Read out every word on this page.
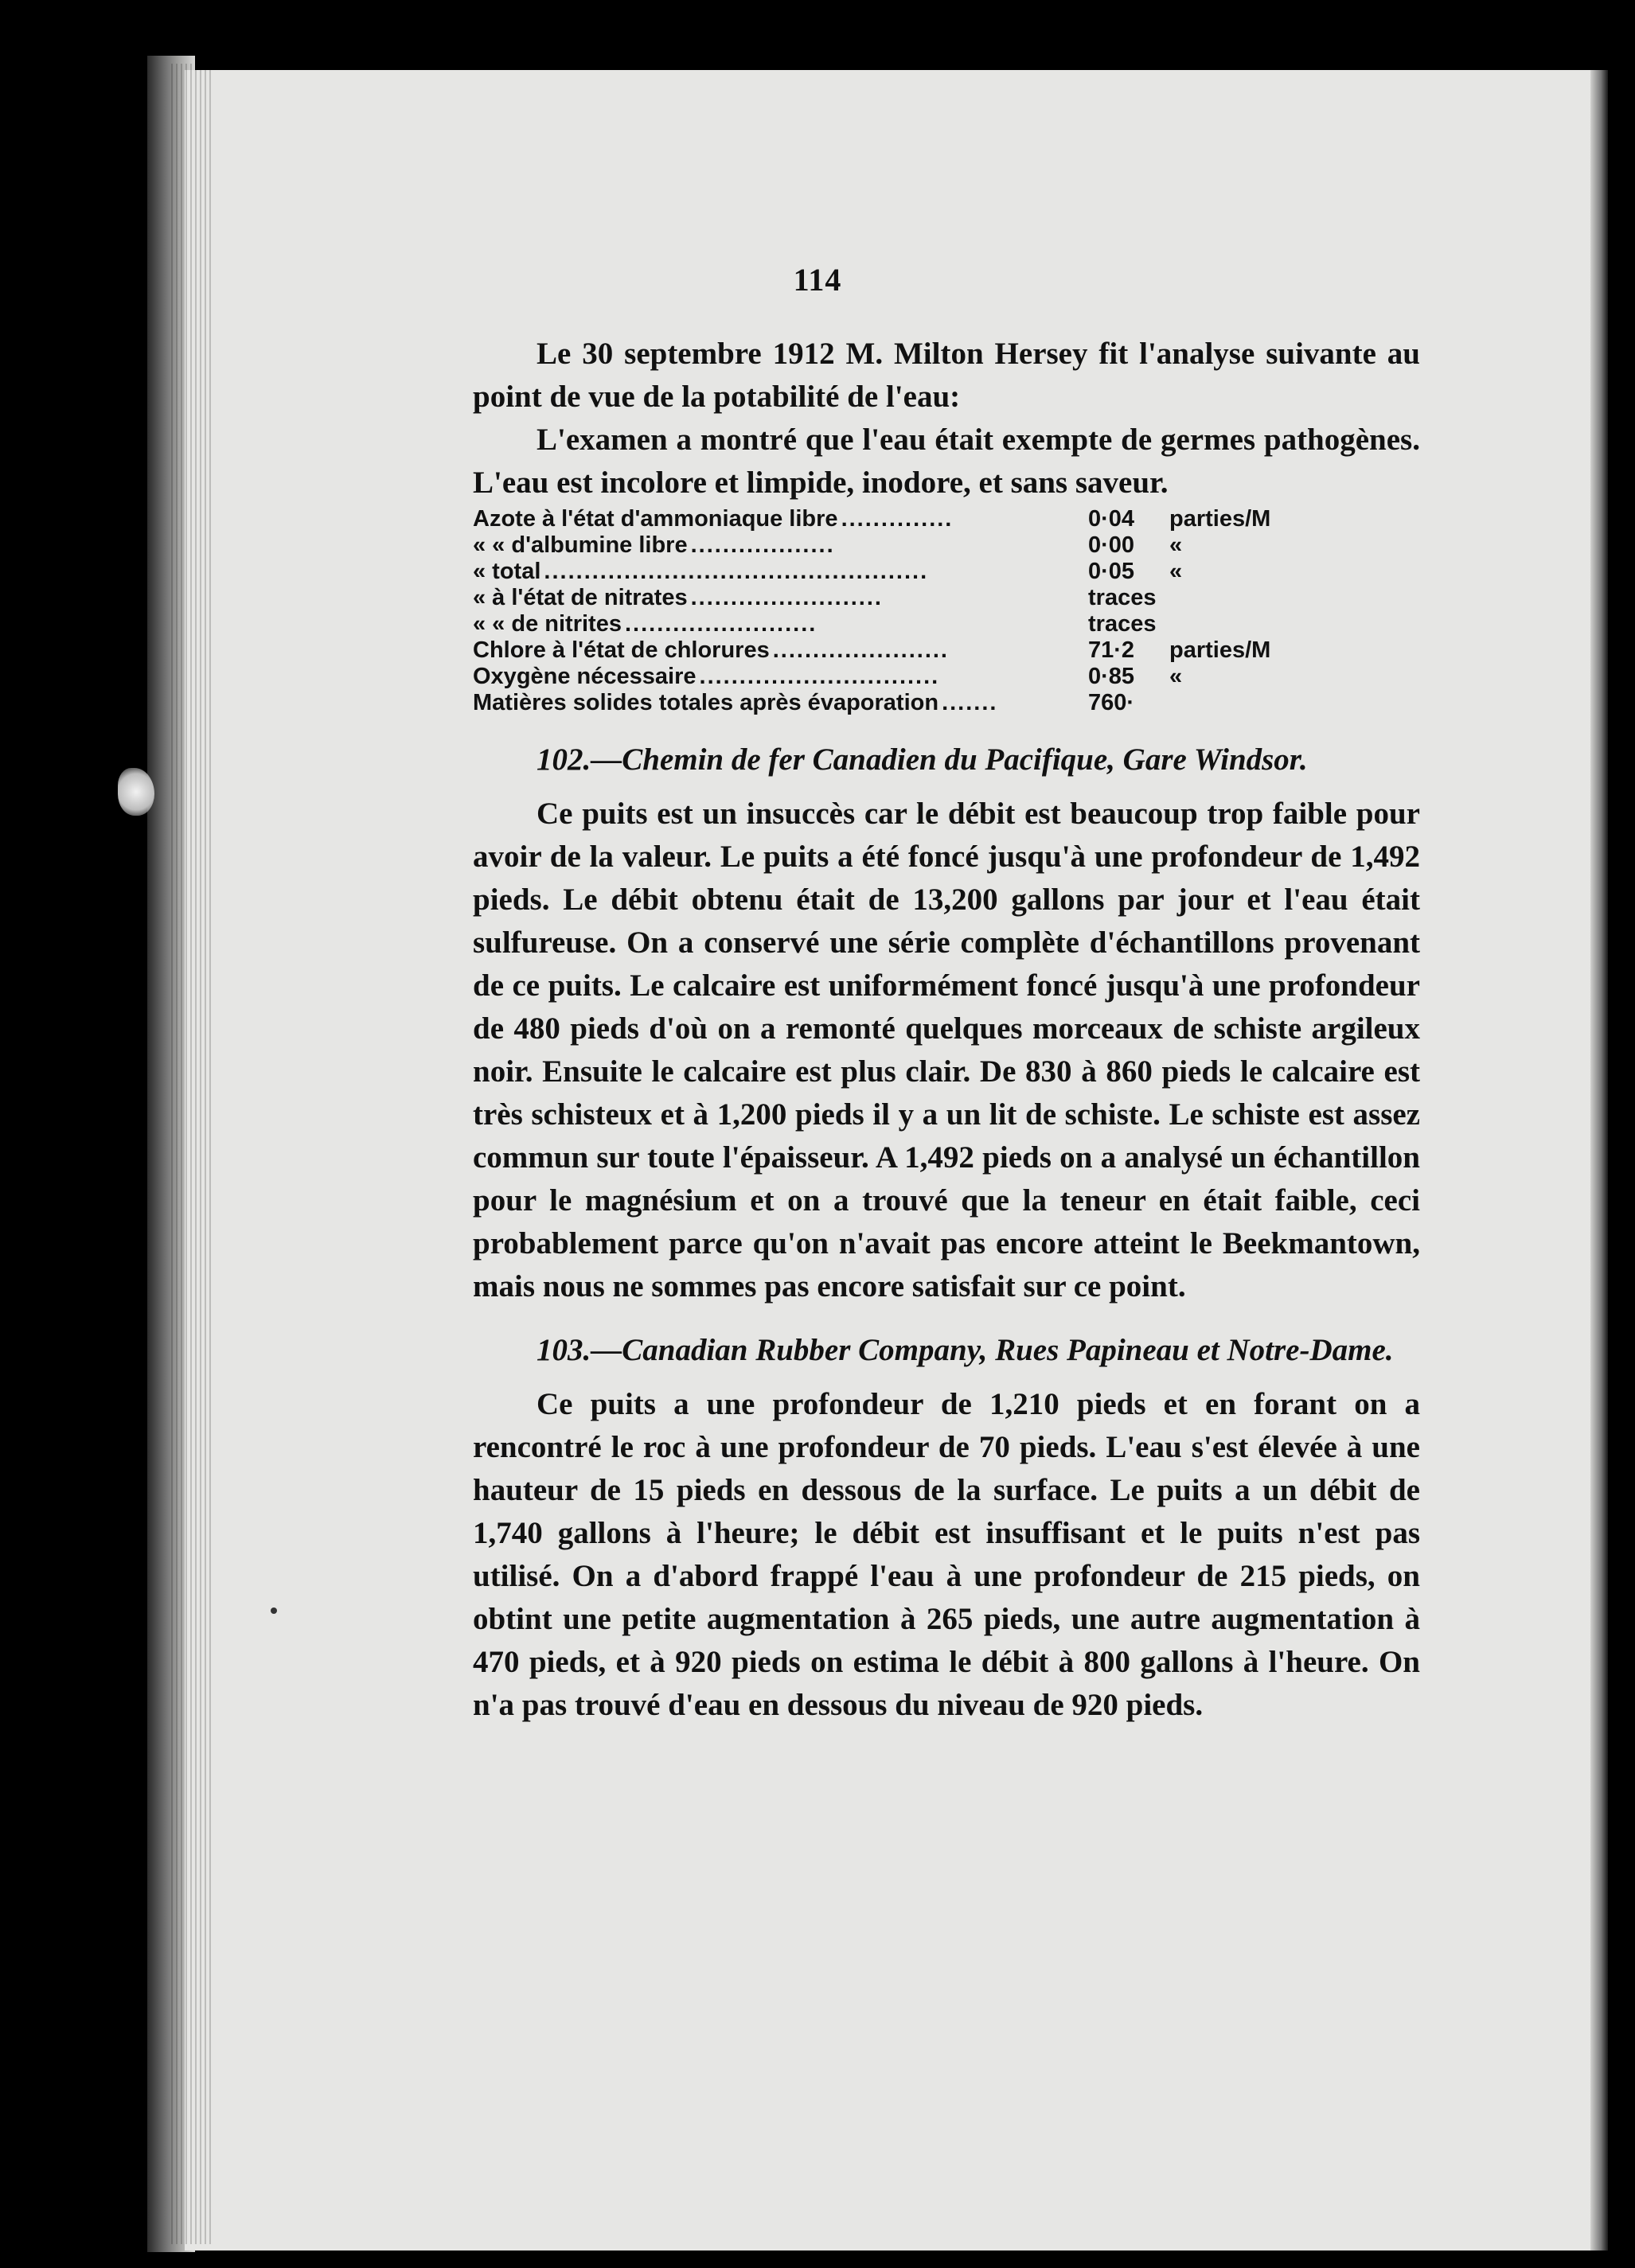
114

Le 30 septembre 1912 M. Milton Hersey fit l'analyse suivante au point de vue de la potabilité de l'eau:

L'examen a montré que l'eau était exempte de germes pathogènes. L'eau est incolore et limpide, inodore, et sans saveur.

Azote à l'état d'ammoniaque libre ..............	0·04	parties/M
« « d'albumine libre ..................	0·00	«
« total ................................................	0·05	«
« à l'état de nitrates ........................	traces
« « de nitrites ........................	traces
Chlore à l'état de chlorures ......................	71·2	parties/M
Oxygène nécessaire ..............................	0·85	«
Matières solides totales après évaporation .......	760·

102.—Chemin de fer Canadien du Pacifique, Gare Windsor.

Ce puits est un insuccès car le débit est beaucoup trop faible pour avoir de la valeur. Le puits a été foncé jusqu'à une profondeur de 1,492 pieds. Le débit obtenu était de 13,200 gallons par jour et l'eau était sulfureuse. On a conservé une série complète d'échantillons provenant de ce puits. Le calcaire est uniformément foncé jusqu'à une profondeur de 480 pieds d'où on a remonté quelques morceaux de schiste argileux noir. Ensuite le calcaire est plus clair. De 830 à 860 pieds le calcaire est très schisteux et à 1,200 pieds il y a un lit de schiste. Le schiste est assez commun sur toute l'épaisseur. A 1,492 pieds on a analysé un échantillon pour le magnésium et on a trouvé que la teneur en était faible, ceci probablement parce qu'on n'avait pas encore atteint le Beekmantown, mais nous ne sommes pas encore satisfait sur ce point.

103.—Canadian Rubber Company, Rues Papineau et Notre-Dame.

Ce puits a une profondeur de 1,210 pieds et en forant on a rencontré le roc à une profondeur de 70 pieds. L'eau s'est élevée à une hauteur de 15 pieds en dessous de la surface. Le puits a un débit de 1,740 gallons à l'heure; le débit est insuffisant et le puits n'est pas utilisé. On a d'abord frappé l'eau à une profondeur de 215 pieds, on obtint une petite augmentation à 265 pieds, une autre augmentation à 470 pieds, et à 920 pieds on estima le débit à 800 gallons à l'heure. On n'a pas trouvé d'eau en dessous du niveau de 920 pieds.
